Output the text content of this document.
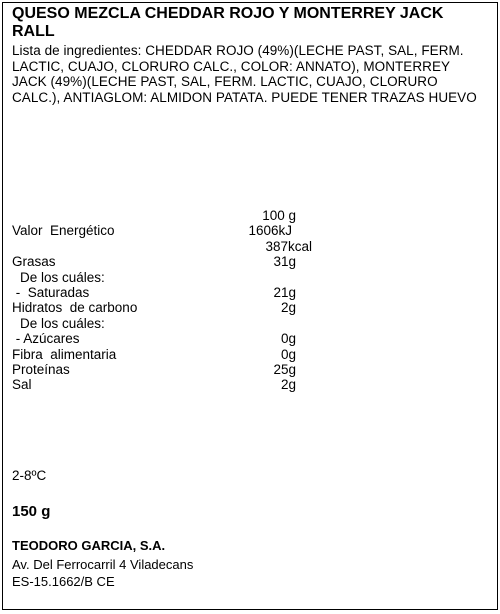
QUESO MEZCLA CHEDDAR ROJO Y MONTERREY JACK RALL
Lista de ingredientes: CHEDDAR ROJO (49%)(LECHE PAST, SAL, FERM. LACTIC, CUAJO, CLORURO CALC., COLOR: ANNATO), MONTERREY JACK (49%)(LECHE PAST, SAL, FERM. LACTIC, CUAJO, CLORURO CALC.), ANTIAGLOM: ALMIDON PATATA. PUEDE TENER TRAZAS HUEVO
100 g
Valor  Energético	1606kJ
387kcal
Grasas	31g
De los cuáles:
-  Saturadas	21g
Hidratos  de carbono	2g
De los cuáles:
- Azúcares	0g
Fibra  alimentaria	0g
Proteínas	25g
Sal	2g
2-8ºC
150 g
TEODORO GARCIA, S.A.
Av. Del Ferrocarril 4 Viladecans
ES-15.1662/B CE
